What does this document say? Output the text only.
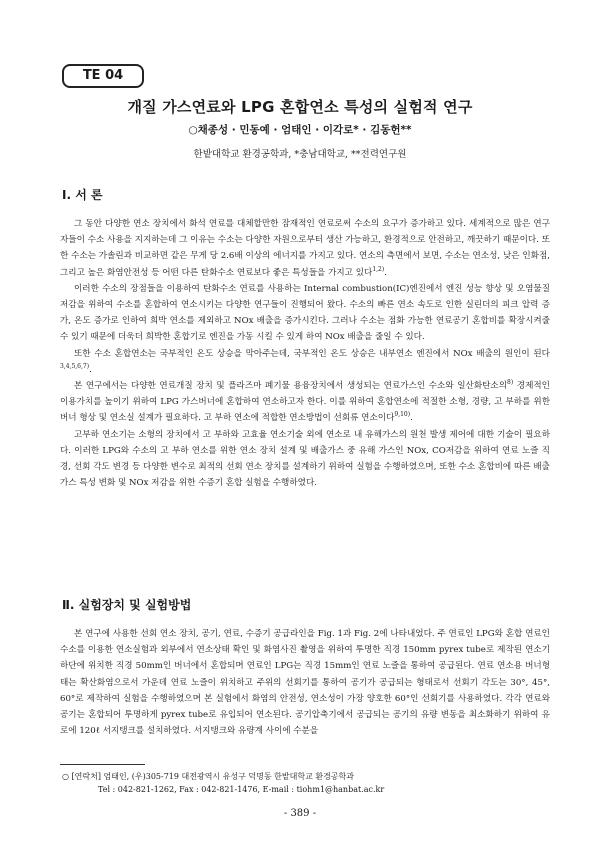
TE 04
개질 가스연료와 LPG 혼합연소 특성의 실험적 연구
○채종성 · 민동예 · 엄태인 · 이각로* · 김동헌**
한밭대학교 환경공학과, *충남대학교, **전력연구원
Ⅰ. 서 론

그 동안 다양한 연소 장치에서 화석 연료를 대체할만한 잠재적인 연료로써 수소의 요구가 증가하고 있다. 세계적으로 많은 연구자들이 수소 사용을 지지하는데 그 이유는 수소는 다양한 자원으로부터 생산 가능하고, 환경적으로 안전하고, 깨끗하기 때문이다. 또한 수소는 가솔린과 비교하면 같은 무게 당 2.6배 이상의 에너지를 가지고 있다. 연소의 측면에서 보면, 수소는 연소성, 낮은 인화점, 그리고 높은 화염안전성 등 어떤 다른 탄화수소 연료보다 좋은 특성들을 가지고 있다$^{1,2)}$.

이러한 수소의 장점들을 이용하여 탄화수소 연료를 사용하는 Internal combustion(IC)엔진에서 엔진 성능 향상 및 오염물질 저감을 위하여 수소를 혼합하여 연소시키는 다양한 연구들이 진행되어 왔다. 수소의 빠른 연소 속도로 인한 실린더의 피크 압력 증가, 온도 증가로 인하여 희박 연소를 제외하고 NOx 배출을 증가시킨다. 그러나 수소는 점화 가능한 연료공기 혼합비를 확장시켜줄 수 있기 때문에 더욱더 희박한 혼합기로 엔진을 가동 시킬 수 있게 하여 NOx 배출을 줄일 수 있다.

또한 수소 혼합연소는 국부적인 온도 상승을 막아주는데, 국부적인 온도 상승은 내부연소 엔진에서 NOx 배출의 원인이 된다$^{3,4,5,6,7)}$.

본 연구에서는 다양한 연료개질 장치 및 플라즈마 폐기물 용융장치에서 생성되는 연료가스인 수소와 일산화탄소의$^{8)}$ 경제적인 이용가치를 높이기 위하여 LPG 가스버너에 혼합하여 연소하고자 한다. 이를 위하여 혼합연소에 적절한 소형, 경량, 고 부하를 위한 버너 형상 및 연소실 설계가 필요하다. 고 부하 연소에 적합한 연소방법이 선회류 연소이다$^{9,10)}$.

고부하 연소기는 소형의 장치에서 고 부하와 고효율 연소기술 외에 연소로 내 유해가스의 원천 발생 제어에 대한 기술이 필요하다. 이러한 LPG와 수소의 고 부하 연소를 위한 연소 장치 설계 및 배출가스 중 유해 가스인 NOx, CO저감을 위하여 연료 노즐 직경, 선회 각도 변경 등 다양한 변수로 최적의 선회 연소 장치를 설계하기 위하여 실험을 수행하였으며, 또한 수소 혼합비에 따른 배출가스 특성 변화 및 NOx 저감을 위한 수증기 혼합 실험을 수행하였다.

Ⅱ. 실험장치 및 실험방법

본 연구에 사용한 선회 연소 장치, 공기, 연료, 수증기 공급라인을 Fig. 1과 Fig. 2에 나타내었다. 주 연료인 LPG와 혼합 연료인 수소를 이용한 연소실험과 외부에서 연소상태 확인 및 화염사진 촬영을 위하여 투명한 직경 150mm pyrex tube로 제작된 연소기 하단에 위치한 직경 50mm인 버너에서 혼합되며 연료인 LPG는 직경 15mm인 연료 노즐을 통하여 공급된다. 연료 연소용 버너형태는 확산화염으로서 가운데 연료 노즐이 위치하고 주위의 선회기를 통하여 공기가 공급되는 형태로서 선회기 각도는 30°, 45°, 60°로 제작하여 실험을 수행하였으며 본 실험에서 화염의 안전성, 연소성이 가장 양호한 60°인 선회기를 사용하였다. 각각 연료와 공기는 혼합되어 투명하게 pyrex tube로 유입되어 연소된다. 공기압축기에서 공급되는 공기의 유량 변동을 최소화하기 위하여 유로에 120ℓ 서지탱크를 설치하였다. 서지탱크와 유량계 사이에 수분을

○ [연락처] 엄태인, (우)305-719 대전광역시 유성구 덕명동 한밭대학교 환경공학과
Tel : 042-821-1262, Fax : 042-821-1476, E-mail : tiohm1@hanbat.ac.kr
- 389 -
